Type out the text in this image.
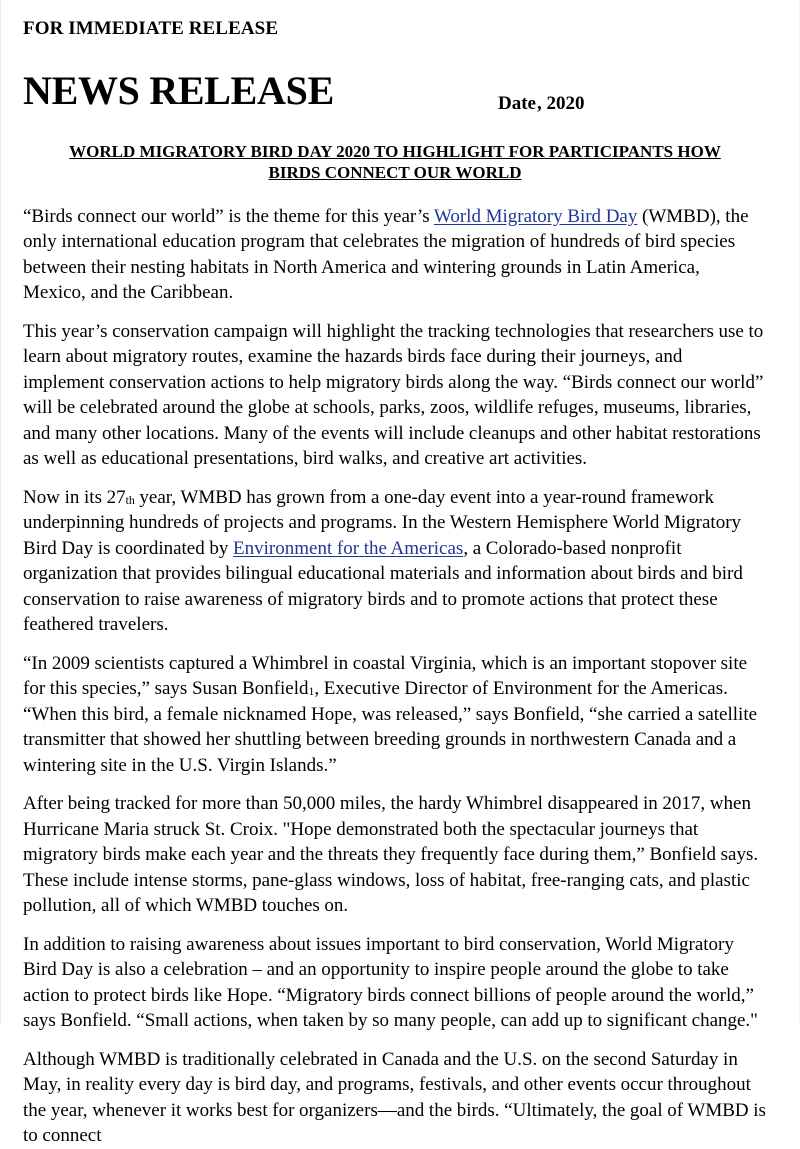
FOR IMMEDIATE RELEASE
NEWS RELEASE	Date, 2020
WORLD MIGRATORY BIRD DAY 2020 TO HIGHLIGHT FOR PARTICIPANTS HOW
BIRDS CONNECT OUR WORLD

“Birds connect our world” is the theme for this year’s World Migratory Bird Day (WMBD), the only international education program that celebrates the migration of hundreds of bird species between their nesting habitats in North America and wintering grounds in Latin America, Mexico, and the Caribbean.

This year’s conservation campaign will highlight the tracking technologies that researchers use to learn about migratory routes, examine the hazards birds face during their journeys, and implement conservation actions to help migratory birds along the way. “Birds connect our world” will be celebrated around the globe at schools, parks, zoos, wildlife refuges, museums, libraries, and many other locations. Many of the events will include cleanups and other habitat restorations as well as educational presentations, bird walks, and creative art activities.

Now in its $27_{th}$ year, WMBD has grown from a one-day event into a year-round framework underpinning hundreds of projects and programs. In the Western Hemisphere World Migratory Bird Day is coordinated by Environment for the Americas, a Colorado-based nonprofit organization that provides bilingual educational materials and information about birds and bird conservation to raise awareness of migratory birds and to promote actions that protect these feathered travelers.

“In 2009 scientists captured a Whimbrel in coastal Virginia, which is an important stopover site for this species,” says Susan Bonfield$_1$, Executive Director of Environment for the Americas. “When this bird, a female nicknamed Hope, was released,” says Bonfield, “she carried a satellite transmitter that showed her shuttling between breeding grounds in northwestern Canada and a wintering site in the U.S. Virgin Islands.”

After being tracked for more than 50,000 miles, the hardy Whimbrel disappeared in 2017, when Hurricane Maria struck St. Croix. "Hope demonstrated both the spectacular journeys that migratory birds make each year and the threats they frequently face during them,” Bonfield says. These include intense storms, pane-glass windows, loss of habitat, free-ranging cats, and plastic pollution, all of which WMBD touches on.

In addition to raising awareness about issues important to bird conservation, World Migratory Bird Day is also a celebration – and an opportunity to inspire people around the globe to take action to protect birds like Hope. “Migratory birds connect billions of people around the world,” says Bonfield. “Small actions, when taken by so many people, can add up to significant change."

Although WMBD is traditionally celebrated in Canada and the U.S. on the second Saturday in May, in reality every day is bird day, and programs, festivals, and other events occur throughout the year, whenever it works best for organizers—and the birds. “Ultimately, the goal of WMBD is to connect
